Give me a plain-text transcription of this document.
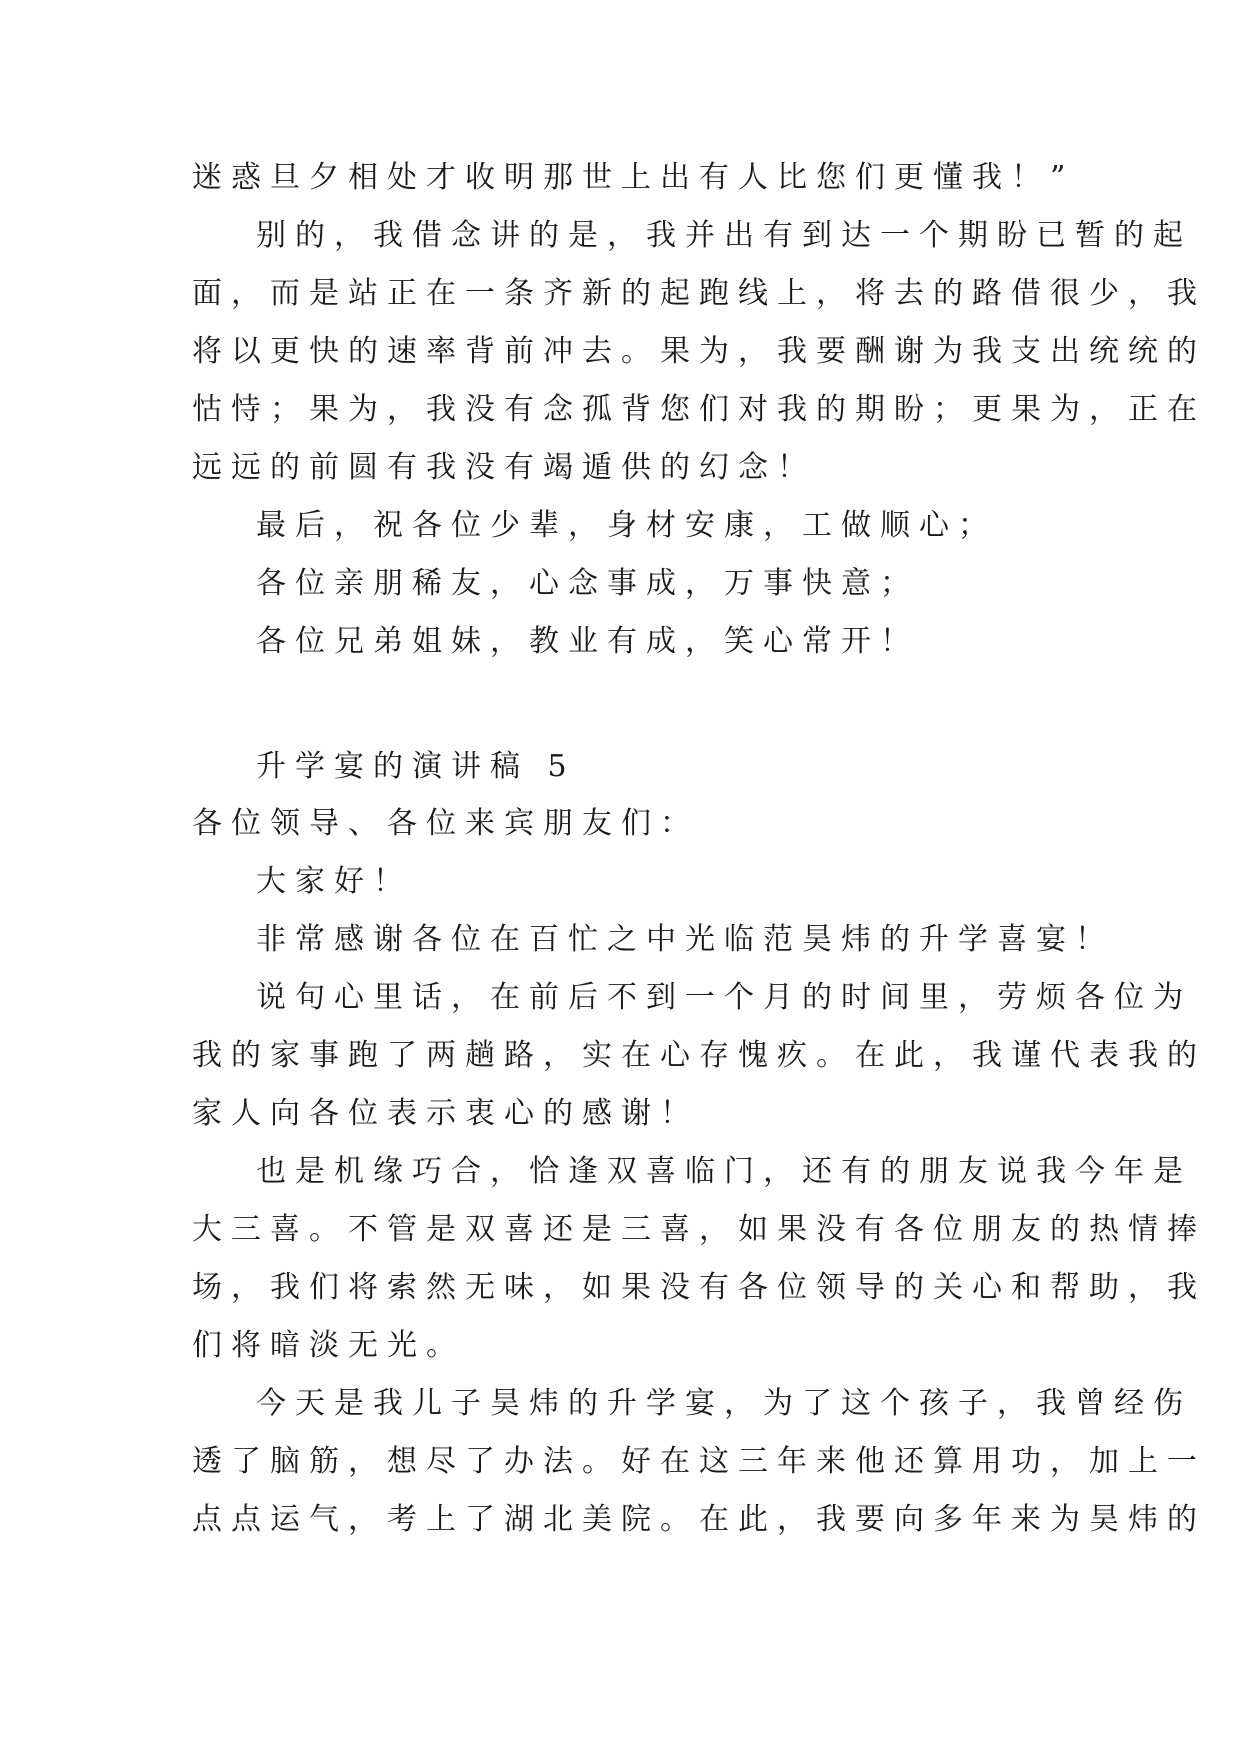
迷惑旦夕相处才收明那世上出有人比您们更懂我！”
别的，我借念讲的是，我并出有到达一个期盼已暂的起
面，而是站正在一条齐新的起跑线上，将去的路借很少，我
将以更快的速率背前冲去。果为，我要酬谢为我支出统统的
怙恃；果为，我没有念孤背您们对我的期盼；更果为，正在
远远的前圆有我没有竭遁供的幻念！
最后，祝各位少辈，身材安康，工做顺心；
各位亲朋稀友，心念事成，万事快意；
各位兄弟姐妹，教业有成，笑心常开！
升学宴的演讲稿 5
各位领导、各位来宾朋友们：
大家好！
非常感谢各位在百忙之中光临范昊炜的升学喜宴！
说句心里话，在前后不到一个月的时间里，劳烦各位为
我的家事跑了两趟路，实在心存愧疚。在此，我谨代表我的
家人向各位表示衷心的感谢！
也是机缘巧合，恰逢双喜临门，还有的朋友说我今年是
大三喜。不管是双喜还是三喜，如果没有各位朋友的热情捧
场，我们将索然无味，如果没有各位领导的关心和帮助，我
们将暗淡无光。
今天是我儿子昊炜的升学宴，为了这个孩子，我曾经伤
透了脑筋，想尽了办法。好在这三年来他还算用功，加上一
点点运气，考上了湖北美院。在此，我要向多年来为昊炜的
